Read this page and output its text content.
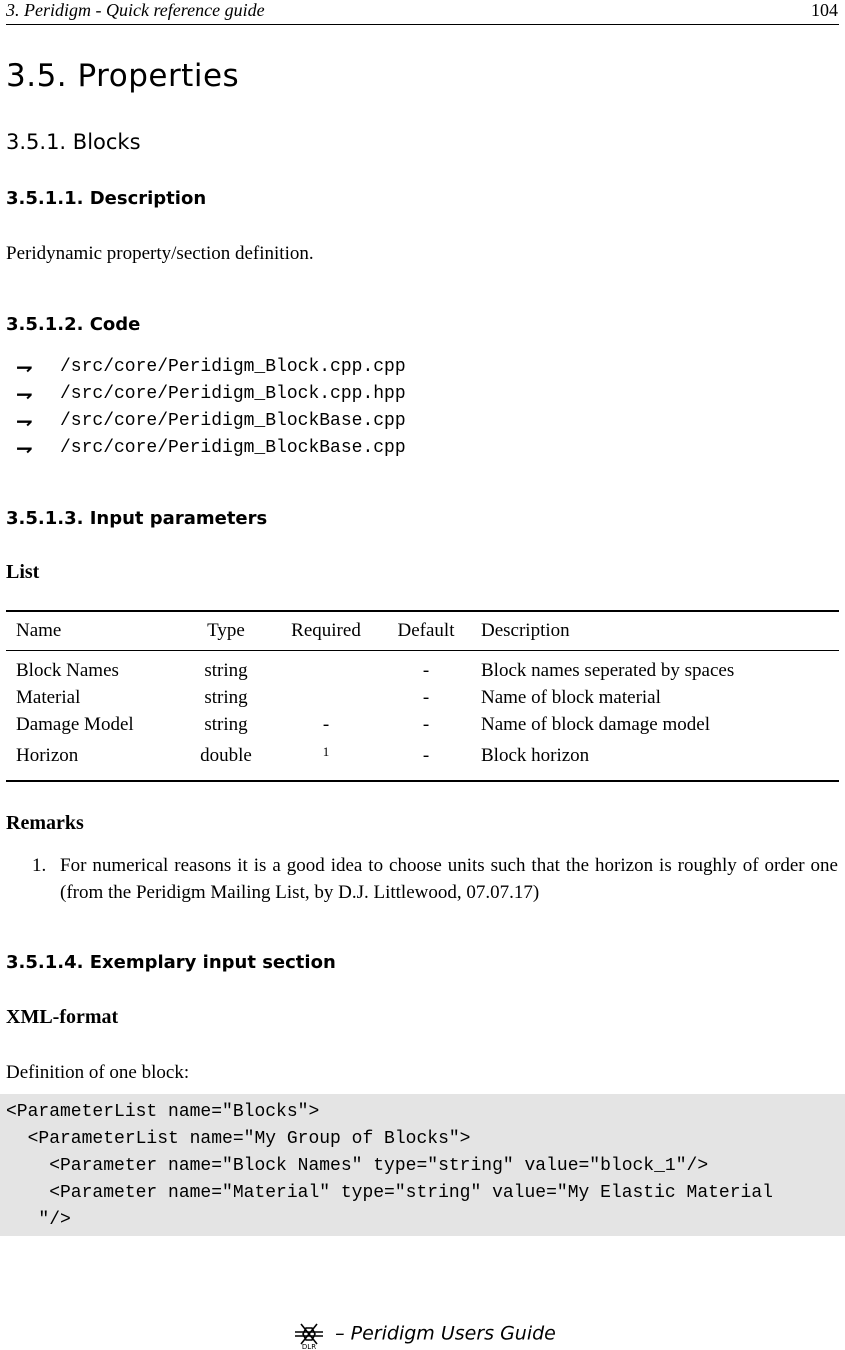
3. Peridigm - Quick reference guide	104
3.5. Properties
3.5.1. Blocks
3.5.1.1. Description
Peridynamic property/section definition.
3.5.1.2. Code
⇁	/src/core/Peridigm_Block.cpp.cpp
⇁	/src/core/Peridigm_Block.cpp.hpp
⇁	/src/core/Peridigm_BlockBase.cpp
⇁	/src/core/Peridigm_BlockBase.cpp
3.5.1.3. Input parameters
List
Name	Type	Required	Default	Description
Block Names	string		-	Block names seperated by spaces
Material	string		-	Name of block material
Damage Model	string	-	-	Name of block damage model
Horizon	double	$^1$	-	Block horizon
Remarks
1. For numerical reasons it is a good idea to choose units such that the horizon is roughly of order one (from the Peridigm Mailing List, by D.J. Littlewood, 07.07.17)
3.5.1.4. Exemplary input section
XML-format
Definition of one block:
<ParameterList name="Blocks">
<ParameterList name="My Group of Blocks">
<Parameter name="Block Names" type="string" value="block_1"/>
<Parameter name="Material" type="string" value="My Elastic Material
"/>
DLR
– Peridigm Users Guide
